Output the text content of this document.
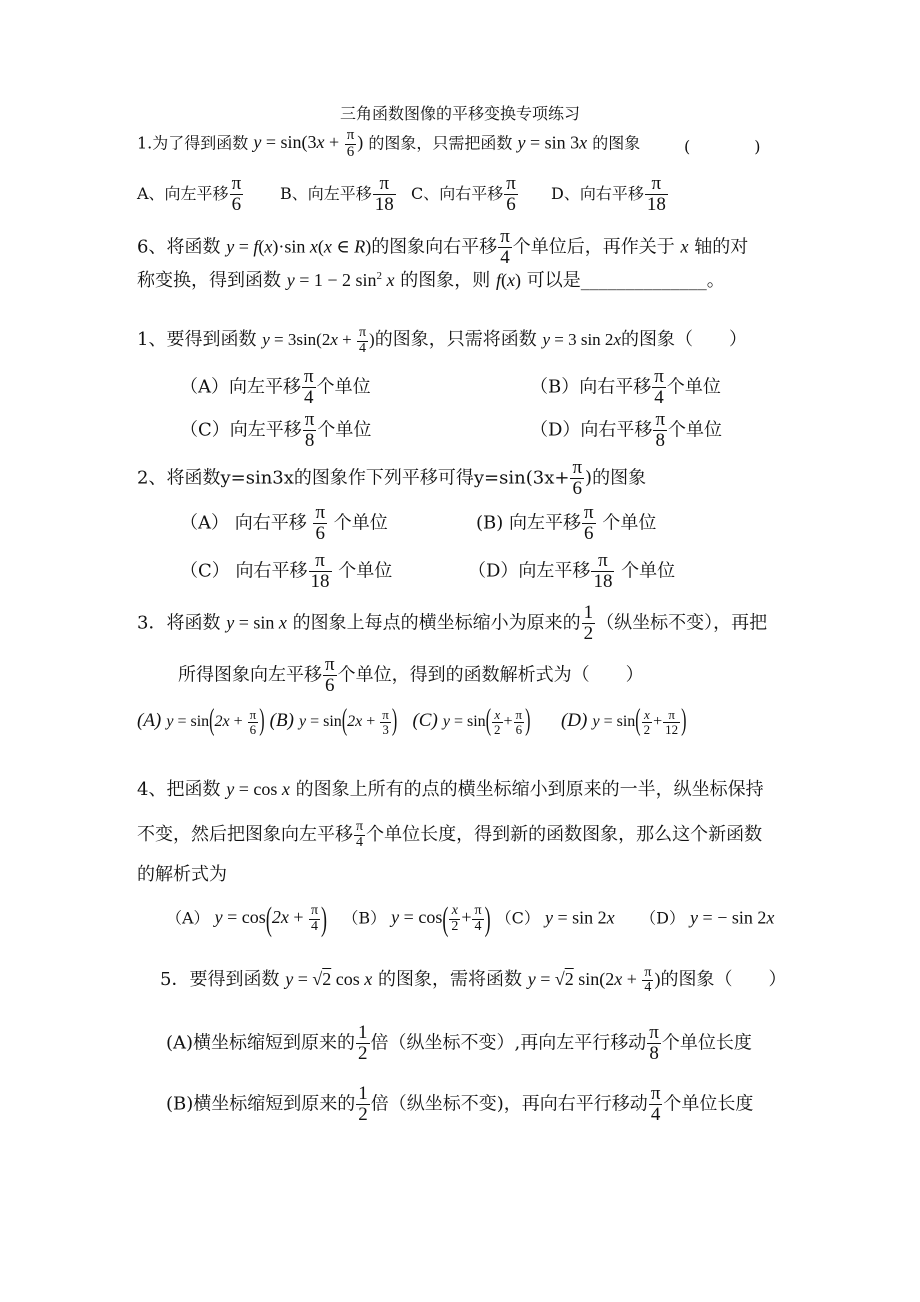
三角函数图像的平移变换专项练习
1.为了得到函数 $y = \sin(3x + \frac{\pi}{6}$ ) 的图象，只需把函数 y = sin 3x 的图象	(　　　　)
A、向左平移 $\frac{\pi}{6}$ B、向左平移 $\frac{\pi}{18}$ C、向右平移 $\frac{\pi}{6}$ D、向右平移 $\frac{\pi}{18}$
6、将函数 y = f(x)·sin x(x ∈ R)的图象向右平移 $\frac{\pi}{4}$ 个单位后，再作关于 x 轴的对
称变换，得到函数 y = 1 − 2 $\sin^2 x$ 的图象，则 f(x) 可以是______________。
1、要得到函数 $y = 3\sin(2x + \frac{\pi}{4}$ )的图象，只需将函数 y = 3 sin 2x的图象（　　）
（A）向左平移 $\frac{\pi}{4}$ 个单位	（B）向右平移 $\frac{\pi}{4}$ 个单位
（C）向左平移 $\frac{\pi}{8}$ 个单位	（D）向右平移 $\frac{\pi}{8}$ 个单位
2、将函数y=sin3x的图象作下列平移可得$y=\sin(3x+ \frac{\pi}{6}$ )的图象
（A） 向右平移 $\frac{\pi}{6}$ 个单位	(B) 向左平移 $\frac{\pi}{6}$ 个单位
（C） 向右平移 $\frac{\pi}{18}$ 个单位	（D）向左平移 $\frac{\pi}{18}$ 个单位
3．将函数 y = sin x 的图象上每点的横坐标缩小为原来的 $\frac{1}{2}$ （纵坐标不变），再把
所得图象向左平移 $\frac{\pi}{6}$ 个单位，得到的函数解析式为（　　）
(A) $y = \sin(2x + \frac{\pi}{6}$ ) (B) $y = \sin(2x + \frac{\pi}{3}$ ) (C) $y = \sin( \frac{x}{2} + \frac{\pi}{6}$ ) (D) $y = \sin( \frac{x}{2} + \frac{\pi}{12}$ )
4、把函数 y = cos x 的图象上所有的点的横坐标缩小到原来的一半，纵坐标保持
不变，然后把图象向左平移 $\frac{\pi}{4}$ 个单位长度，得到新的函数图象，那么这个新函数
的解析式为
（A） $y = \cos(2x + \frac{\pi}{4}$ ) （B） $y = \cos( \frac{x}{2} + \frac{\pi}{4}$ ) （C） y = sin 2x （D） y = − sin 2x
5．要得到函数 y = √2 cos x 的图象，需将函数 y = √2 $\sin(2x + \frac{\pi}{4}$ )的图象（　　）
(A)横坐标缩短到原来的 $\frac{1}{2}$ 倍（纵坐标不变）,再向左平行移动 $\frac{\pi}{8}$ 个单位长度
(B)横坐标缩短到原来的 $\frac{1}{2}$ 倍（纵坐标不变)，再向右平行移动 $\frac{\pi}{4}$ 个单位长度
